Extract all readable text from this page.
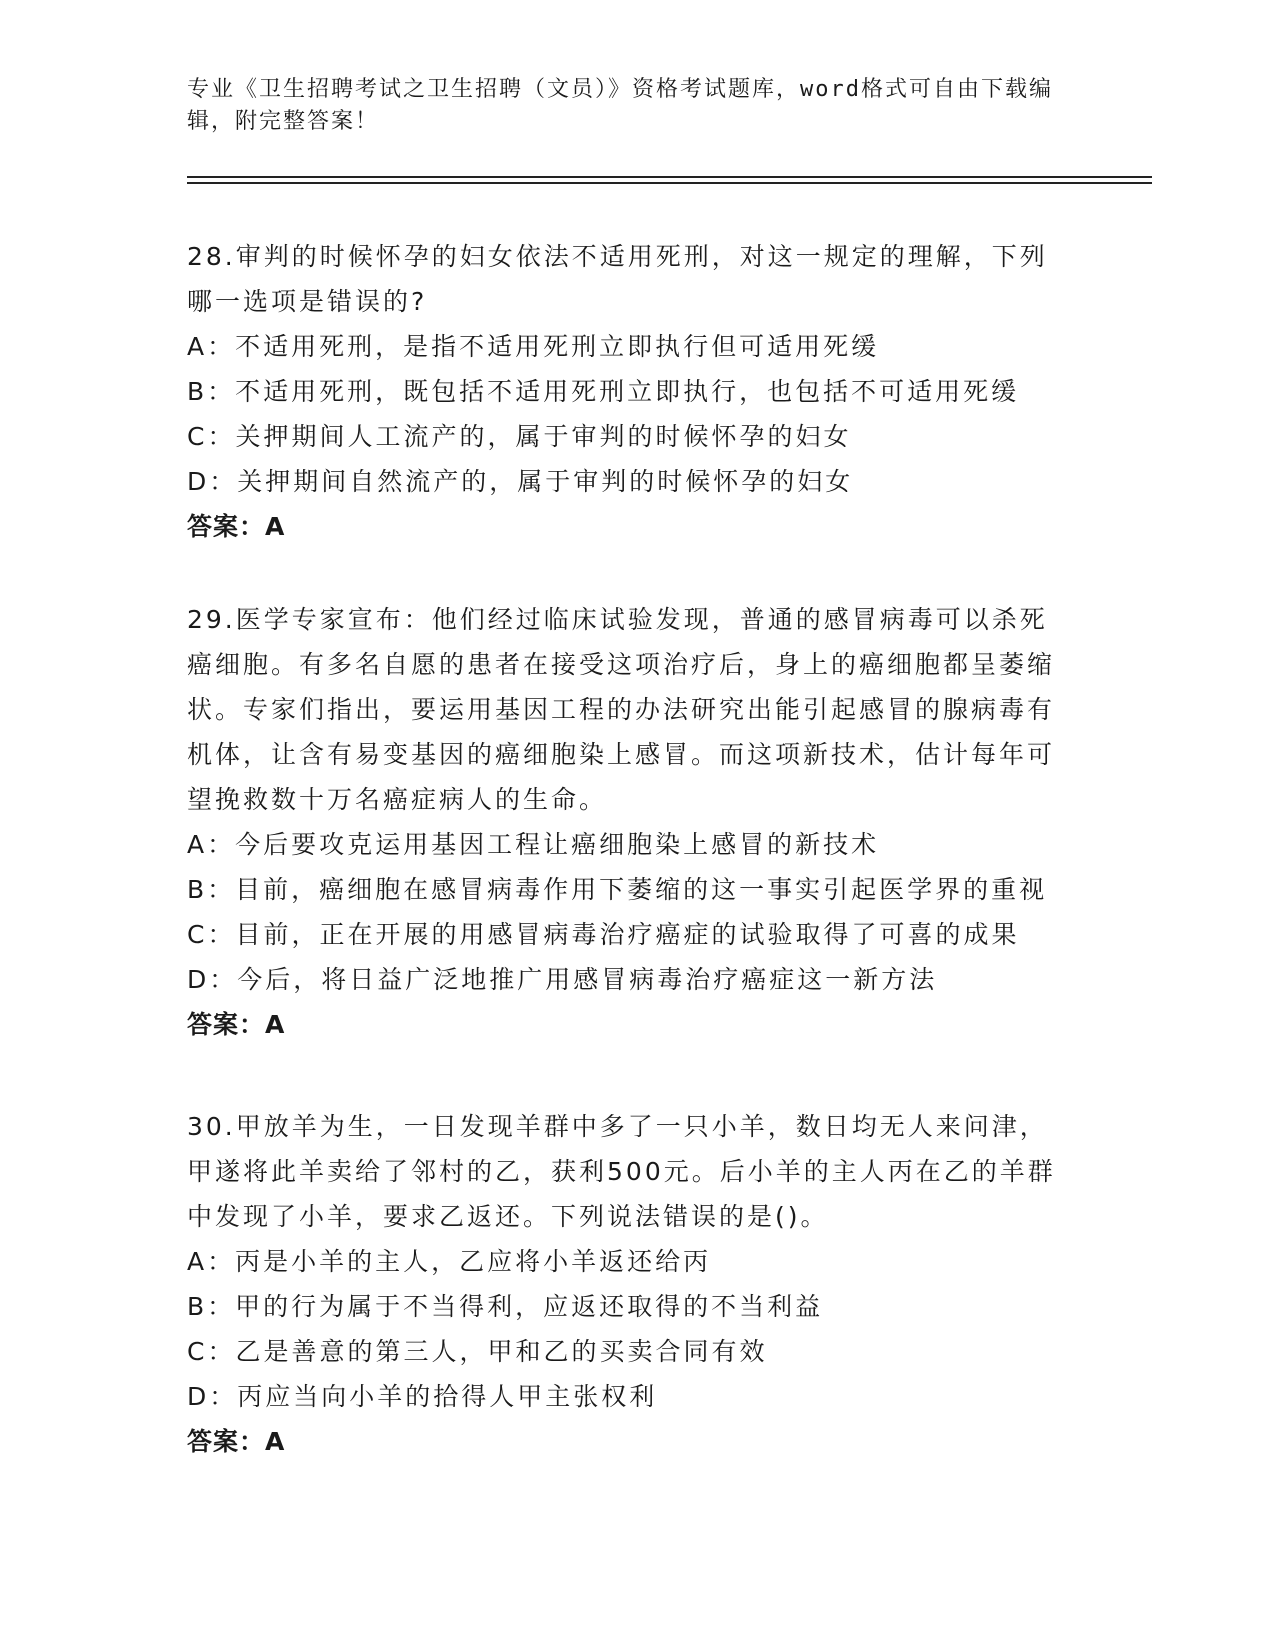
专业《卫生招聘考试之卫生招聘（文员）》资格考试题库，word格式可自由下载编辑，附完整答案！
28.审判的时候怀孕的妇女依法不适用死刑，对这一规定的理解，下列哪一选项是错误的?
A：不适用死刑，是指不适用死刑立即执行但可适用死缓
B：不适用死刑，既包括不适用死刑立即执行，也包括不可适用死缓
C：关押期间人工流产的，属于审判的时候怀孕的妇女
D：关押期间自然流产的，属于审判的时候怀孕的妇女
答案：A
29.医学专家宣布：他们经过临床试验发现，普通的感冒病毒可以杀死癌细胞。有多名自愿的患者在接受这项治疗后，身上的癌细胞都呈萎缩状。专家们指出，要运用基因工程的办法研究出能引起感冒的腺病毒有机体，让含有易变基因的癌细胞染上感冒。而这项新技术，估计每年可望挽救数十万名癌症病人的生命。
A：今后要攻克运用基因工程让癌细胞染上感冒的新技术
B：目前，癌细胞在感冒病毒作用下萎缩的这一事实引起医学界的重视
C：目前，正在开展的用感冒病毒治疗癌症的试验取得了可喜的成果
D：今后，将日益广泛地推广用感冒病毒治疗癌症这一新方法
答案：A
30.甲放羊为生，一日发现羊群中多了一只小羊，数日均无人来问津，甲遂将此羊卖给了邻村的乙，获利500元。后小羊的主人丙在乙的羊群中发现了小羊，要求乙返还。下列说法错误的是()。
A：丙是小羊的主人，乙应将小羊返还给丙
B：甲的行为属于不当得利，应返还取得的不当利益
C：乙是善意的第三人，甲和乙的买卖合同有效
D：丙应当向小羊的拾得人甲主张权利
答案：A
